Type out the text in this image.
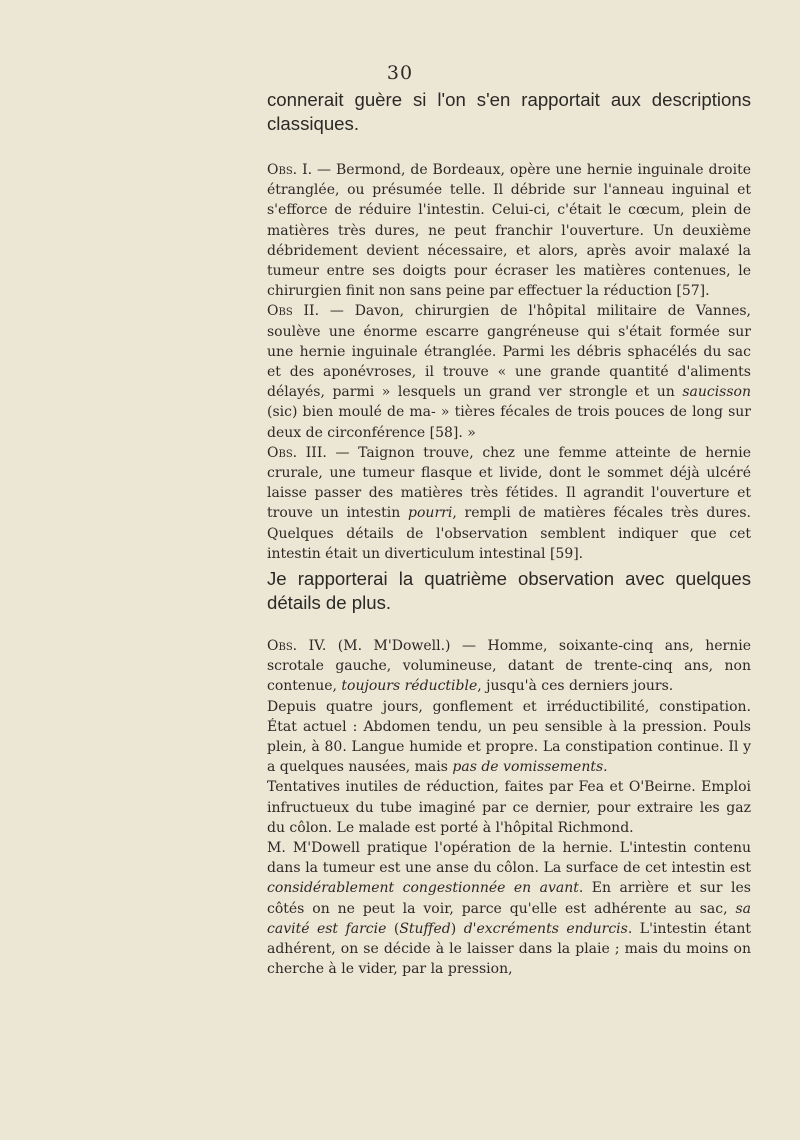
30
connerait guère si l'on s'en rapportait aux descriptions
classiques.

Obs. I. — Bermond, de Bordeaux, opère une hernie inguinale droite étranglée, ou présumée telle. Il débride sur l'anneau inguinal et s'efforce de réduire l'intestin. Celui-ci, c'était le cœcum, plein de matières très dures, ne peut franchir l'ouverture. Un deuxième débridement devient nécessaire, et alors, après avoir malaxé la tumeur entre ses doigts pour écraser les matières contenues, le chirurgien finit non sans peine par effectuer la réduction [57].

Obs II. — Davon, chirurgien de l'hôpital militaire de Vannes, soulève une énorme escarre gangréneuse qui s'était formée sur une hernie inguinale étranglée. Parmi les débris sphacélés du sac et des aponévroses, il trouve « une grande quantité d'aliments délayés, parmi » lesquels un grand ver strongle et un saucisson (sic) bien moulé de ma- » tières fécales de trois pouces de long sur deux de circonférence [58]. »

Obs. III. — Taignon trouve, chez une femme atteinte de hernie crurale, une tumeur flasque et livide, dont le sommet déjà ulcéré laisse passer des matières très fétides. Il agrandit l'ouverture et trouve un intestin pourri, rempli de matières fécales très dures. Quelques détails de l'observation semblent indiquer que cet intestin était un diverticulum intestinal [59].

Je rapporterai la quatrième observation avec quelques
détails de plus.

Obs. IV. (M. M'Dowell.) — Homme, soixante-cinq ans, hernie scrotale gauche, volumineuse, datant de trente-cinq ans, non contenue, toujours réductible, jusqu'à ces derniers jours.

Depuis quatre jours, gonflement et irréductibilité, constipation. État actuel : Abdomen tendu, un peu sensible à la pression. Pouls plein, à 80. Langue humide et propre. La constipation continue. Il y a quelques nausées, mais pas de vomissements.

Tentatives inutiles de réduction, faites par Fea et O'Beirne. Emploi infructueux du tube imaginé par ce dernier, pour extraire les gaz du côlon. Le malade est porté à l'hôpital Richmond.

M. M'Dowell pratique l'opération de la hernie. L'intestin contenu dans la tumeur est une anse du côlon. La surface de cet intestin est considérablement congestionnée en avant. En arrière et sur les côtés on ne peut la voir, parce qu'elle est adhérente au sac, sa cavité est farcie (Stuffed) d'excréments endurcis. L'intestin étant adhérent, on se décide à le laisser dans la plaie ; mais du moins on cherche à le vider, par la pression,
